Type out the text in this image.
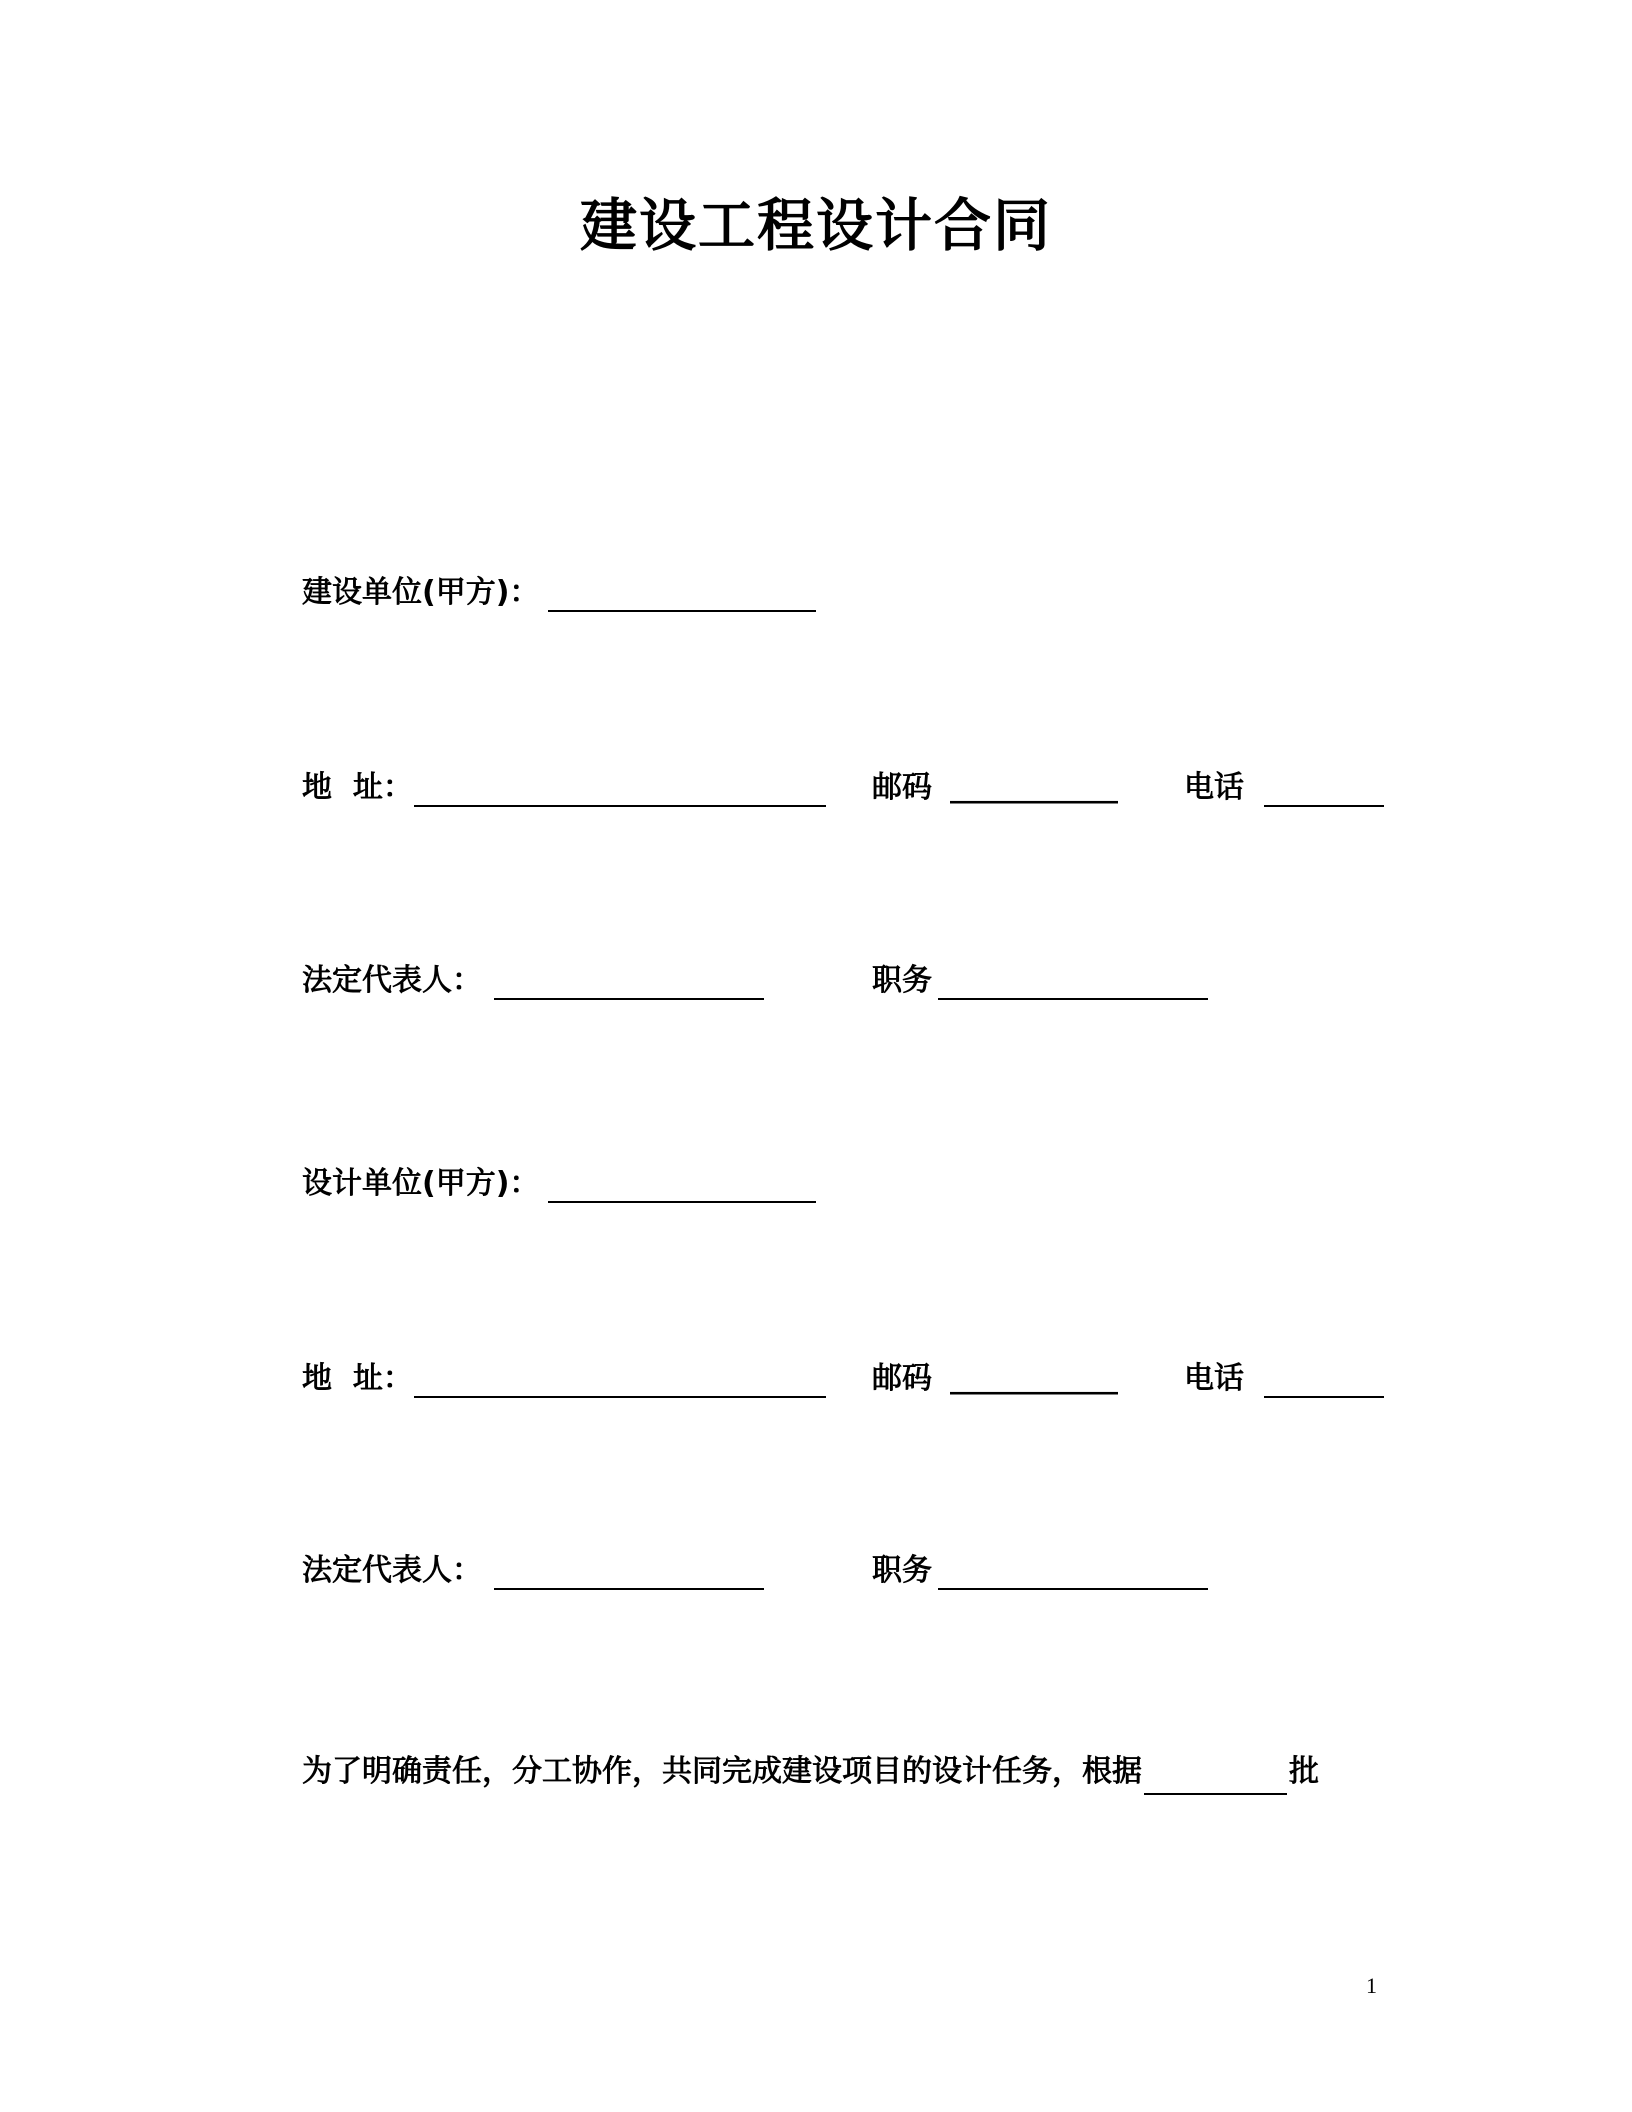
建设工程设计合同
建设单位(甲方)：
地  址：	邮码 ____________ 电话
法定代表人：	职务
设计单位(甲方)：
地  址：	邮码 ____________ 电话
法定代表人：	职务
为了明确责任，分工协作，共同完成建设项目的设计任务，根据	批
1
